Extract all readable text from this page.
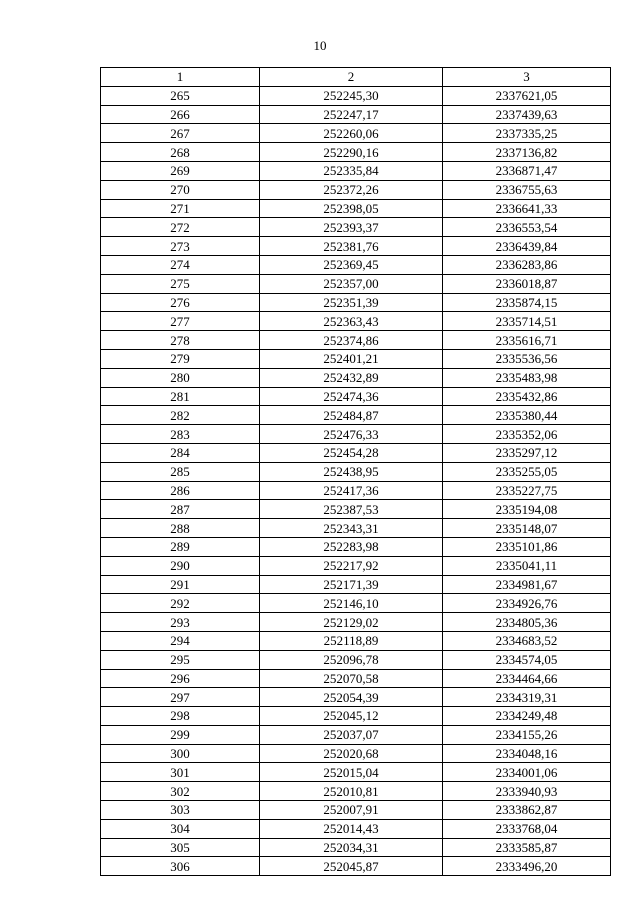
10
1	2	3
265	252245,30	2337621,05
266	252247,17	2337439,63
267	252260,06	2337335,25
268	252290,16	2337136,82
269	252335,84	2336871,47
270	252372,26	2336755,63
271	252398,05	2336641,33
272	252393,37	2336553,54
273	252381,76	2336439,84
274	252369,45	2336283,86
275	252357,00	2336018,87
276	252351,39	2335874,15
277	252363,43	2335714,51
278	252374,86	2335616,71
279	252401,21	2335536,56
280	252432,89	2335483,98
281	252474,36	2335432,86
282	252484,87	2335380,44
283	252476,33	2335352,06
284	252454,28	2335297,12
285	252438,95	2335255,05
286	252417,36	2335227,75
287	252387,53	2335194,08
288	252343,31	2335148,07
289	252283,98	2335101,86
290	252217,92	2335041,11
291	252171,39	2334981,67
292	252146,10	2334926,76
293	252129,02	2334805,36
294	252118,89	2334683,52
295	252096,78	2334574,05
296	252070,58	2334464,66
297	252054,39	2334319,31
298	252045,12	2334249,48
299	252037,07	2334155,26
300	252020,68	2334048,16
301	252015,04	2334001,06
302	252010,81	2333940,93
303	252007,91	2333862,87
304	252014,43	2333768,04
305	252034,31	2333585,87
306	252045,87	2333496,20
